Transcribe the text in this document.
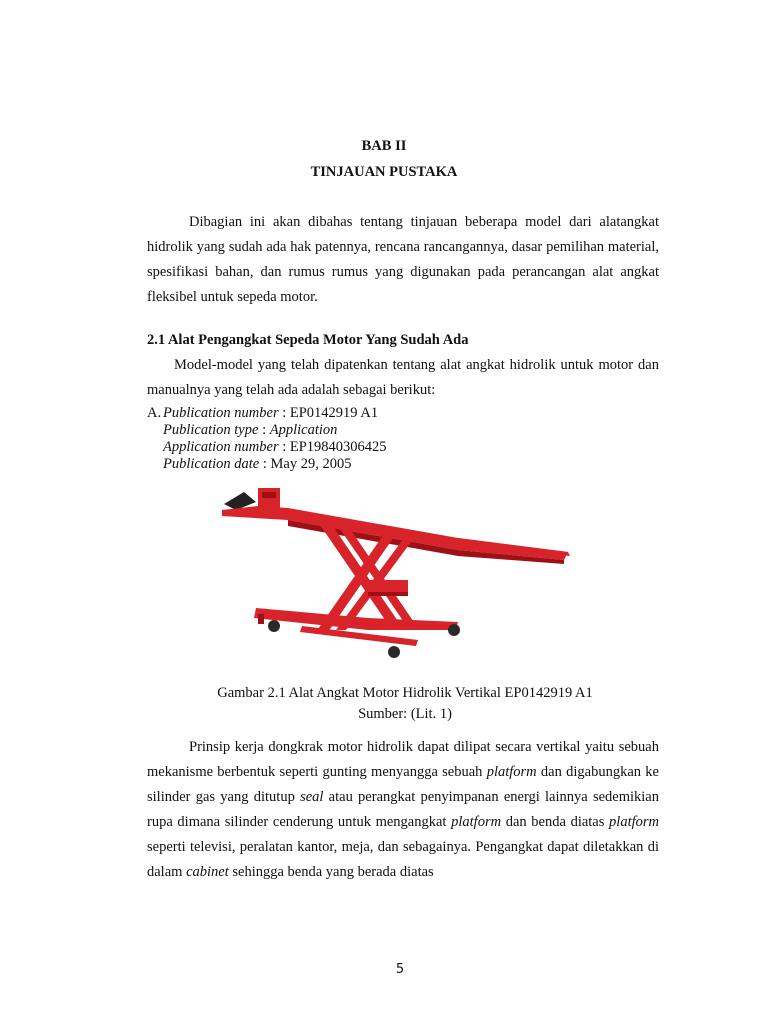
BAB II
TINJAUAN PUSTAKA
Dibagian ini akan dibahas tentang tinjauan beberapa model dari alatangkat hidrolik yang sudah ada hak patennya, rencana rancangannya, dasar pemilihan material, spesifikasi bahan, dan rumus rumus yang digunakan pada perancangan alat angkat fleksibel untuk sepeda motor.
2.1 Alat Pengangkat Sepeda Motor Yang Sudah Ada
Model-model yang telah dipatenkan tentang alat angkat hidrolik untuk motor dan manualnya yang telah ada adalah sebagai berikut:
A. Publication number : EP0142919 A1
Publication type : Application
Application number : EP19840306425
Publication date : May 29, 2005
Gambar 2.1 Alat Angkat Motor Hidrolik Vertikal EP0142919 A1
Sumber: (Lit. 1)
Prinsip kerja dongkrak motor hidrolik dapat dilipat secara vertikal yaitu sebuah mekanisme berbentuk seperti gunting menyangga sebuah platform dan digabungkan ke silinder gas yang ditutup seal atau perangkat penyimpanan energi lainnya sedemikian rupa dimana silinder cenderung untuk mengangkat platform dan benda diatas platform seperti televisi, peralatan kantor, meja, dan sebagainya. Pengangkat dapat diletakkan di dalam cabinet sehingga benda yang berada diatas
5
